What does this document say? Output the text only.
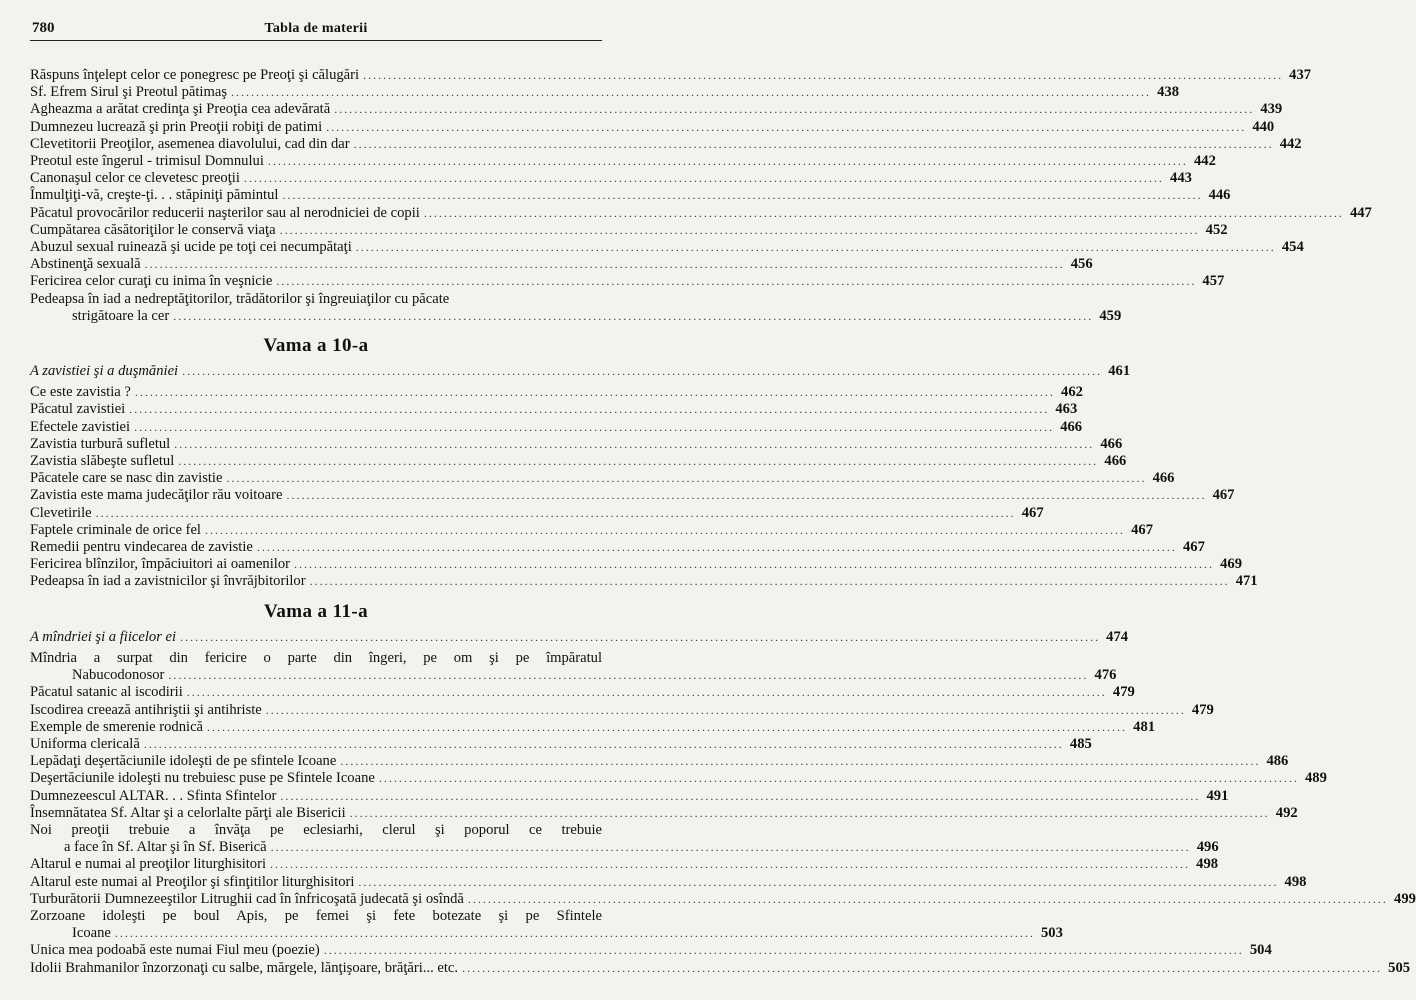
780	Tabla de materii
Răspuns înţelept celor ce ponegresc pe Preoţi şi călugări ........................................................................................................................................................................................ 437
Sf. Efrem Sirul şi Preotul pătimaş ........................................................................................................................................................................................ 438
Agheazma a arătat credinţa şi Preoţia cea adevărată ........................................................................................................................................................................................ 439
Dumnezeu lucrează şi prin Preoţii robiţi de patimi ........................................................................................................................................................................................ 440
Clevetitorii Preoţilor, asemenea diavolului, cad din dar ........................................................................................................................................................................................ 442
Preotul este îngerul - trimisul Domnului ........................................................................................................................................................................................ 442
Canonaşul celor ce clevetesc preoţii ........................................................................................................................................................................................ 443
Înmulţiţi-vă, creşte-ţi. . . stăpiniţi pămintul ........................................................................................................................................................................................ 446
Păcatul provocărilor reducerii naşterilor sau al nerodniciei de copii ........................................................................................................................................................................................ 447
Cumpătarea căsătoriţilor le conservă viaţa ........................................................................................................................................................................................ 452
Abuzul sexual ruinează şi ucide pe toţi cei necumpătaţi ........................................................................................................................................................................................ 454
Abstinenţă sexuală ........................................................................................................................................................................................ 456
Fericirea celor curaţi cu inima în veşnicie ........................................................................................................................................................................................ 457
Pedeapsa în iad a nedreptăţitorilor, trădătorilor şi îngreuiaţilor cu păcate
strigătoare la cer ........................................................................................................................................................................................ 459
Vama a 10-a
A zavistiei şi a duşmăniei ........................................................................................................................................................................................ 461
Ce este zavistia ? ........................................................................................................................................................................................ 462
Păcatul zavistiei ........................................................................................................................................................................................ 463
Efectele zavistiei ........................................................................................................................................................................................ 466
Zavistia turbură sufletul ........................................................................................................................................................................................ 466
Zavistia slăbeşte sufletul ........................................................................................................................................................................................ 466
Păcatele care se nasc din zavistie ........................................................................................................................................................................................ 466
Zavistia este mama judecăţilor rău voitoare ........................................................................................................................................................................................ 467
Clevetirile ........................................................................................................................................................................................ 467
Faptele criminale de orice fel ........................................................................................................................................................................................ 467
Remedii pentru vindecarea de zavistie ........................................................................................................................................................................................ 467
Fericirea blînzilor, împăciuitori ai oamenilor ........................................................................................................................................................................................ 469
Pedeapsa în iad a zavistnicilor şi învrăjbitorilor ........................................................................................................................................................................................ 471
Vama a 11-a
A mîndriei şi a fiicelor ei ........................................................................................................................................................................................ 474
Mîndria a surpat din fericire o parte din îngeri, pe om şi pe împăratul
Nabucodonosor ........................................................................................................................................................................................ 476
Păcatul satanic al iscodirii ........................................................................................................................................................................................ 479
Iscodirea creează antihriştii şi antihriste ........................................................................................................................................................................................ 479
Exemple de smerenie rodnică ........................................................................................................................................................................................ 481
Uniforma clericală ........................................................................................................................................................................................ 485
Lepădaţi deşertăciunile idoleşti de pe sfintele Icoane ........................................................................................................................................................................................ 486
Deşertăciunile idoleşti nu trebuiesc puse pe Sfintele Icoane ........................................................................................................................................................................................ 489
Dumnezeescul ALTAR. . . Sfinta Sfintelor ........................................................................................................................................................................................ 491
Însemnătatea Sf. Altar şi a celorlalte părţi ale Bisericii ........................................................................................................................................................................................ 492
Noi preoţii trebuie a învăţa pe eclesiarhi, clerul şi poporul ce trebuie
a face în Sf. Altar şi în Sf. Biserică ........................................................................................................................................................................................ 496
Altarul e numai al preoţilor liturghisitori ........................................................................................................................................................................................ 498
Altarul este numai al Preoţilor şi sfinţitilor liturghisitori ........................................................................................................................................................................................ 498
Turburătorii Dumnezeeştilor Litrughii cad în înfricoşată judecată şi osîndă ........................................................................................................................................................................................ 499
Zorzoane idoleşti pe boul Apis, pe femei şi fete botezate şi pe Sfintele
Icoane ........................................................................................................................................................................................ 503
Unica mea podoabă este numai Fiul meu (poezie) ........................................................................................................................................................................................ 504
Idolii Brahmanilor înzorzonaţi cu salbe, mărgele, lănţişoare, brăţări... etc. ........................................................................................................................................................................................ 505
